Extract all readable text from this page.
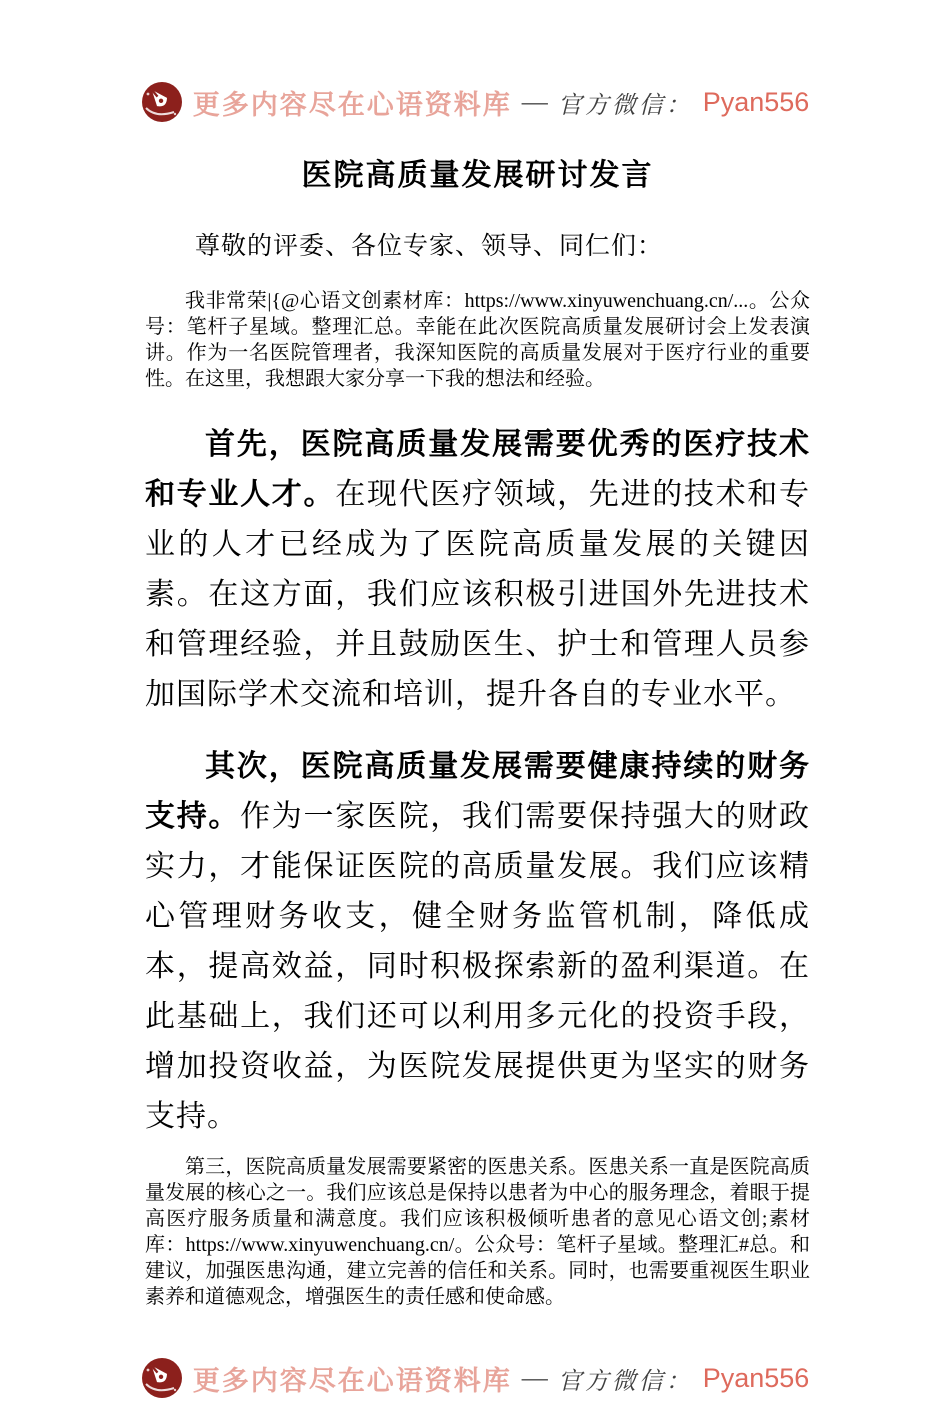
更多内容尽在心语资料库 — 官方微信： Pyan556
医院高质量发展研讨发言

尊敬的评委、各位专家、领导、同仁们：

我非常荣|{@心语文创素材库：https://www.xinyuwenchuang.cn/...。公众号：笔杆子星域。整理汇总。幸能在此次医院高质量发展研讨会上发表演讲。作为一名医院管理者，我深知医院的高质量发展对于医疗行业的重要性。在这里，我想跟大家分享一下我的想法和经验。

首先，医院高质量发展需要优秀的医疗技术和专业人才。在现代医疗领域，先进的技术和专业的人才已经成为了医院高质量发展的关键因素。在这方面，我们应该积极引进国外先进技术和管理经验，并且鼓励医生、护士和管理人员参加国际学术交流和培训，提升各自的专业水平。

其次，医院高质量发展需要健康持续的财务支持。作为一家医院，我们需要保持强大的财政实力，才能保证医院的高质量发展。我们应该精心管理财务收支，健全财务监管机制，降低成本，提高效益，同时积极探索新的盈利渠道。在此基础上，我们还可以利用多元化的投资手段，增加投资收益，为医院发展提供更为坚实的财务支持。

第三，医院高质量发展需要紧密的医患关系。医患关系一直是医院高质量发展的核心之一。我们应该总是保持以患者为中心的服务理念，着眼于提高医疗服务质量和满意度。我们应该积极倾听患者的意见心语文创;素材库：https://www.xinyuwenchuang.cn/。公众号：笔杆子星域。整理汇#总。和建议，加强医患沟通，建立完善的信任和关系。同时，也需要重视医生职业素养和道德观念，增强医生的责任感和使命感。

更多内容尽在心语资料库 — 官方微信： Pyan556
